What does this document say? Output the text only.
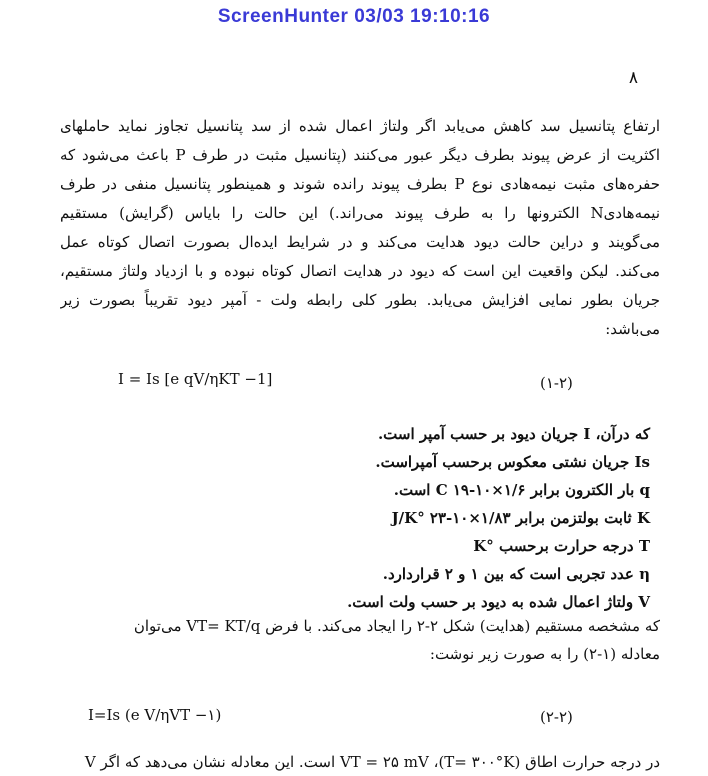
ScreenHunter 03/03 19:10:16
۸
ارتفاع پتانسیل سد کاهش می‌یابد اگر ولتاژ اعمال شده از سد پتانسیل تجاوز نماید حاملهای
اکثریت از عرض پیوند بطرف دیگر عبور می‌کنند (پتانسیل مثبت در طرف P باعث می‌شود که
حفره‌های مثبت نیمه‌هادی نوع P بطرف پیوند رانده شوند و همینطور پتانسیل منفی در طرف
نیمه‌هادیN الکترونها را به طرف پیوند می‌راند.) این حالت را بایاس (گرایش) مستقیم
می‌گویند و دراین حالت دیود هدایت می‌کند و در شرایط ایده‌ال بصورت اتصال کوتاه عمل
می‌کند. لیکن واقعیت این است که دیود در هدایت اتصال کوتاه نبوده و با ازدیاد ولتاژ مستقیم،
جریان بطور نمایی افزایش می‌یابد. بطور کلی رابطه ولت - آمپر دیود تقریباً بصورت زیر
می‌باشد:
I = Is [e qV/ηKT −1]	(۱-۲)
که درآن، I جریان دیود بر حسب آمپر است.
Is جریان نشتی معکوس برحسب آمپراست.
q بار الکترون برابر C ۱۹-۱۰×۱/۶ است.
K ثابت بولتزمن برابر J/K° ۲۳-۱۰×۱/۸۳
T درجه حرارت برحسب °K
η عدد تجربی است که بین ۱ و ۲ قراردارد.
V ولتاژ اعمال شده به دیود بر حسب ولت است.
که مشخصه مستقیم (هدایت) شکل ۲-۲ را ایجاد می‌کند. با فرض VT= KT/q می‌توان
معادله (۱-۲) را به صورت زیر نوشت:
I=Is (e V/ηVT −۱)	(۲-۲)
در درجه حرارت اطاق (T= ۳۰۰°K)، VT = ۲۵ mV است. این معادله نشان می‌دهد که اگر V
